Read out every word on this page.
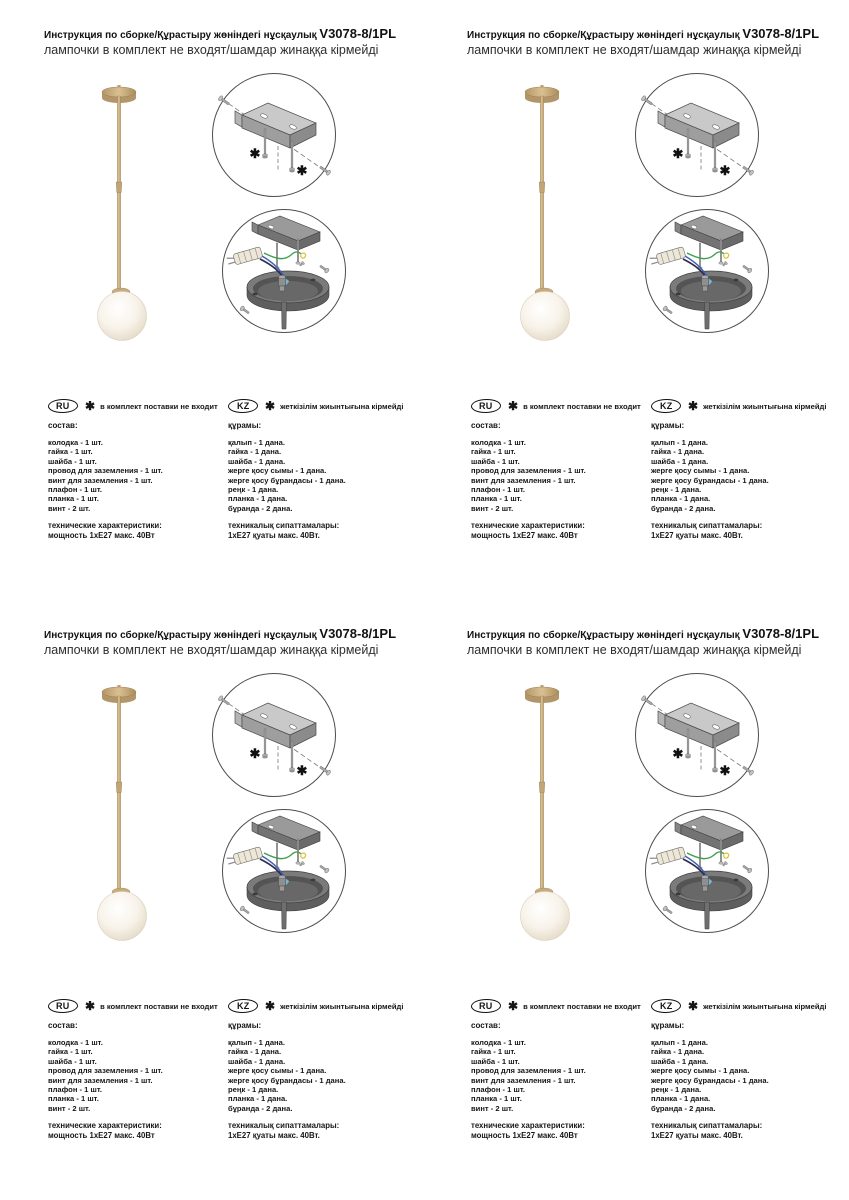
Инструкция по сборке/Құрастыру жөніндегі нұсқаулық V3078-8/1PL
лампочки в комплект не входят/шамдар жинаққа кірмейді
✱
✱
RU ✱ в комплект поставки не входит
состав:
колодка - 1 шт.
гайка - 1 шт.
шайба - 1 шт.
провод для заземления - 1 шт.
винт для заземления - 1 шт.
плафон - 1 шт.
планка - 1 шт.
винт - 2 шт.
технические характеристики:
мощность 1хЕ27 макс. 40Вт
KZ ✱ жеткізілім жиынтығына кірмейді
құрамы:
қалып - 1 дана.
гайка - 1 дана.
шайба - 1 дана.
жерге қосу сымы - 1 дана.
жерге қосу бұрандасы - 1 дана.
реңк - 1 дана.
планка - 1 дана.
бұранда - 2 дана.
техникалық сипаттамалары:
1хЕ27 қуаты макс. 40Вт.
Инструкция по сборке/Құрастыру жөніндегі нұсқаулық V3078-8/1PL
лампочки в комплект не входят/шамдар жинаққа кірмейді
✱
✱
RU ✱ в комплект поставки не входит
состав:
колодка - 1 шт.
гайка - 1 шт.
шайба - 1 шт.
провод для заземления - 1 шт.
винт для заземления - 1 шт.
плафон - 1 шт.
планка - 1 шт.
винт - 2 шт.
технические характеристики:
мощность 1хЕ27 макс. 40Вт
KZ ✱ жеткізілім жиынтығына кірмейді
құрамы:
қалып - 1 дана.
гайка - 1 дана.
шайба - 1 дана.
жерге қосу сымы - 1 дана.
жерге қосу бұрандасы - 1 дана.
реңк - 1 дана.
планка - 1 дана.
бұранда - 2 дана.
техникалық сипаттамалары:
1хЕ27 қуаты макс. 40Вт.
Инструкция по сборке/Құрастыру жөніндегі нұсқаулық V3078-8/1PL
лампочки в комплект не входят/шамдар жинаққа кірмейді
✱
✱
RU ✱ в комплект поставки не входит
состав:
колодка - 1 шт.
гайка - 1 шт.
шайба - 1 шт.
провод для заземления - 1 шт.
винт для заземления - 1 шт.
плафон - 1 шт.
планка - 1 шт.
винт - 2 шт.
технические характеристики:
мощность 1хЕ27 макс. 40Вт
KZ ✱ жеткізілім жиынтығына кірмейді
құрамы:
қалып - 1 дана.
гайка - 1 дана.
шайба - 1 дана.
жерге қосу сымы - 1 дана.
жерге қосу бұрандасы - 1 дана.
реңк - 1 дана.
планка - 1 дана.
бұранда - 2 дана.
техникалық сипаттамалары:
1хЕ27 қуаты макс. 40Вт.
Инструкция по сборке/Құрастыру жөніндегі нұсқаулық V3078-8/1PL
лампочки в комплект не входят/шамдар жинаққа кірмейді
✱
✱
RU ✱ в комплект поставки не входит
состав:
колодка - 1 шт.
гайка - 1 шт.
шайба - 1 шт.
провод для заземления - 1 шт.
винт для заземления - 1 шт.
плафон - 1 шт.
планка - 1 шт.
винт - 2 шт.
технические характеристики:
мощность 1хЕ27 макс. 40Вт
KZ ✱ жеткізілім жиынтығына кірмейді
құрамы:
қалып - 1 дана.
гайка - 1 дана.
шайба - 1 дана.
жерге қосу сымы - 1 дана.
жерге қосу бұрандасы - 1 дана.
реңк - 1 дана.
планка - 1 дана.
бұранда - 2 дана.
техникалық сипаттамалары:
1хЕ27 қуаты макс. 40Вт.
